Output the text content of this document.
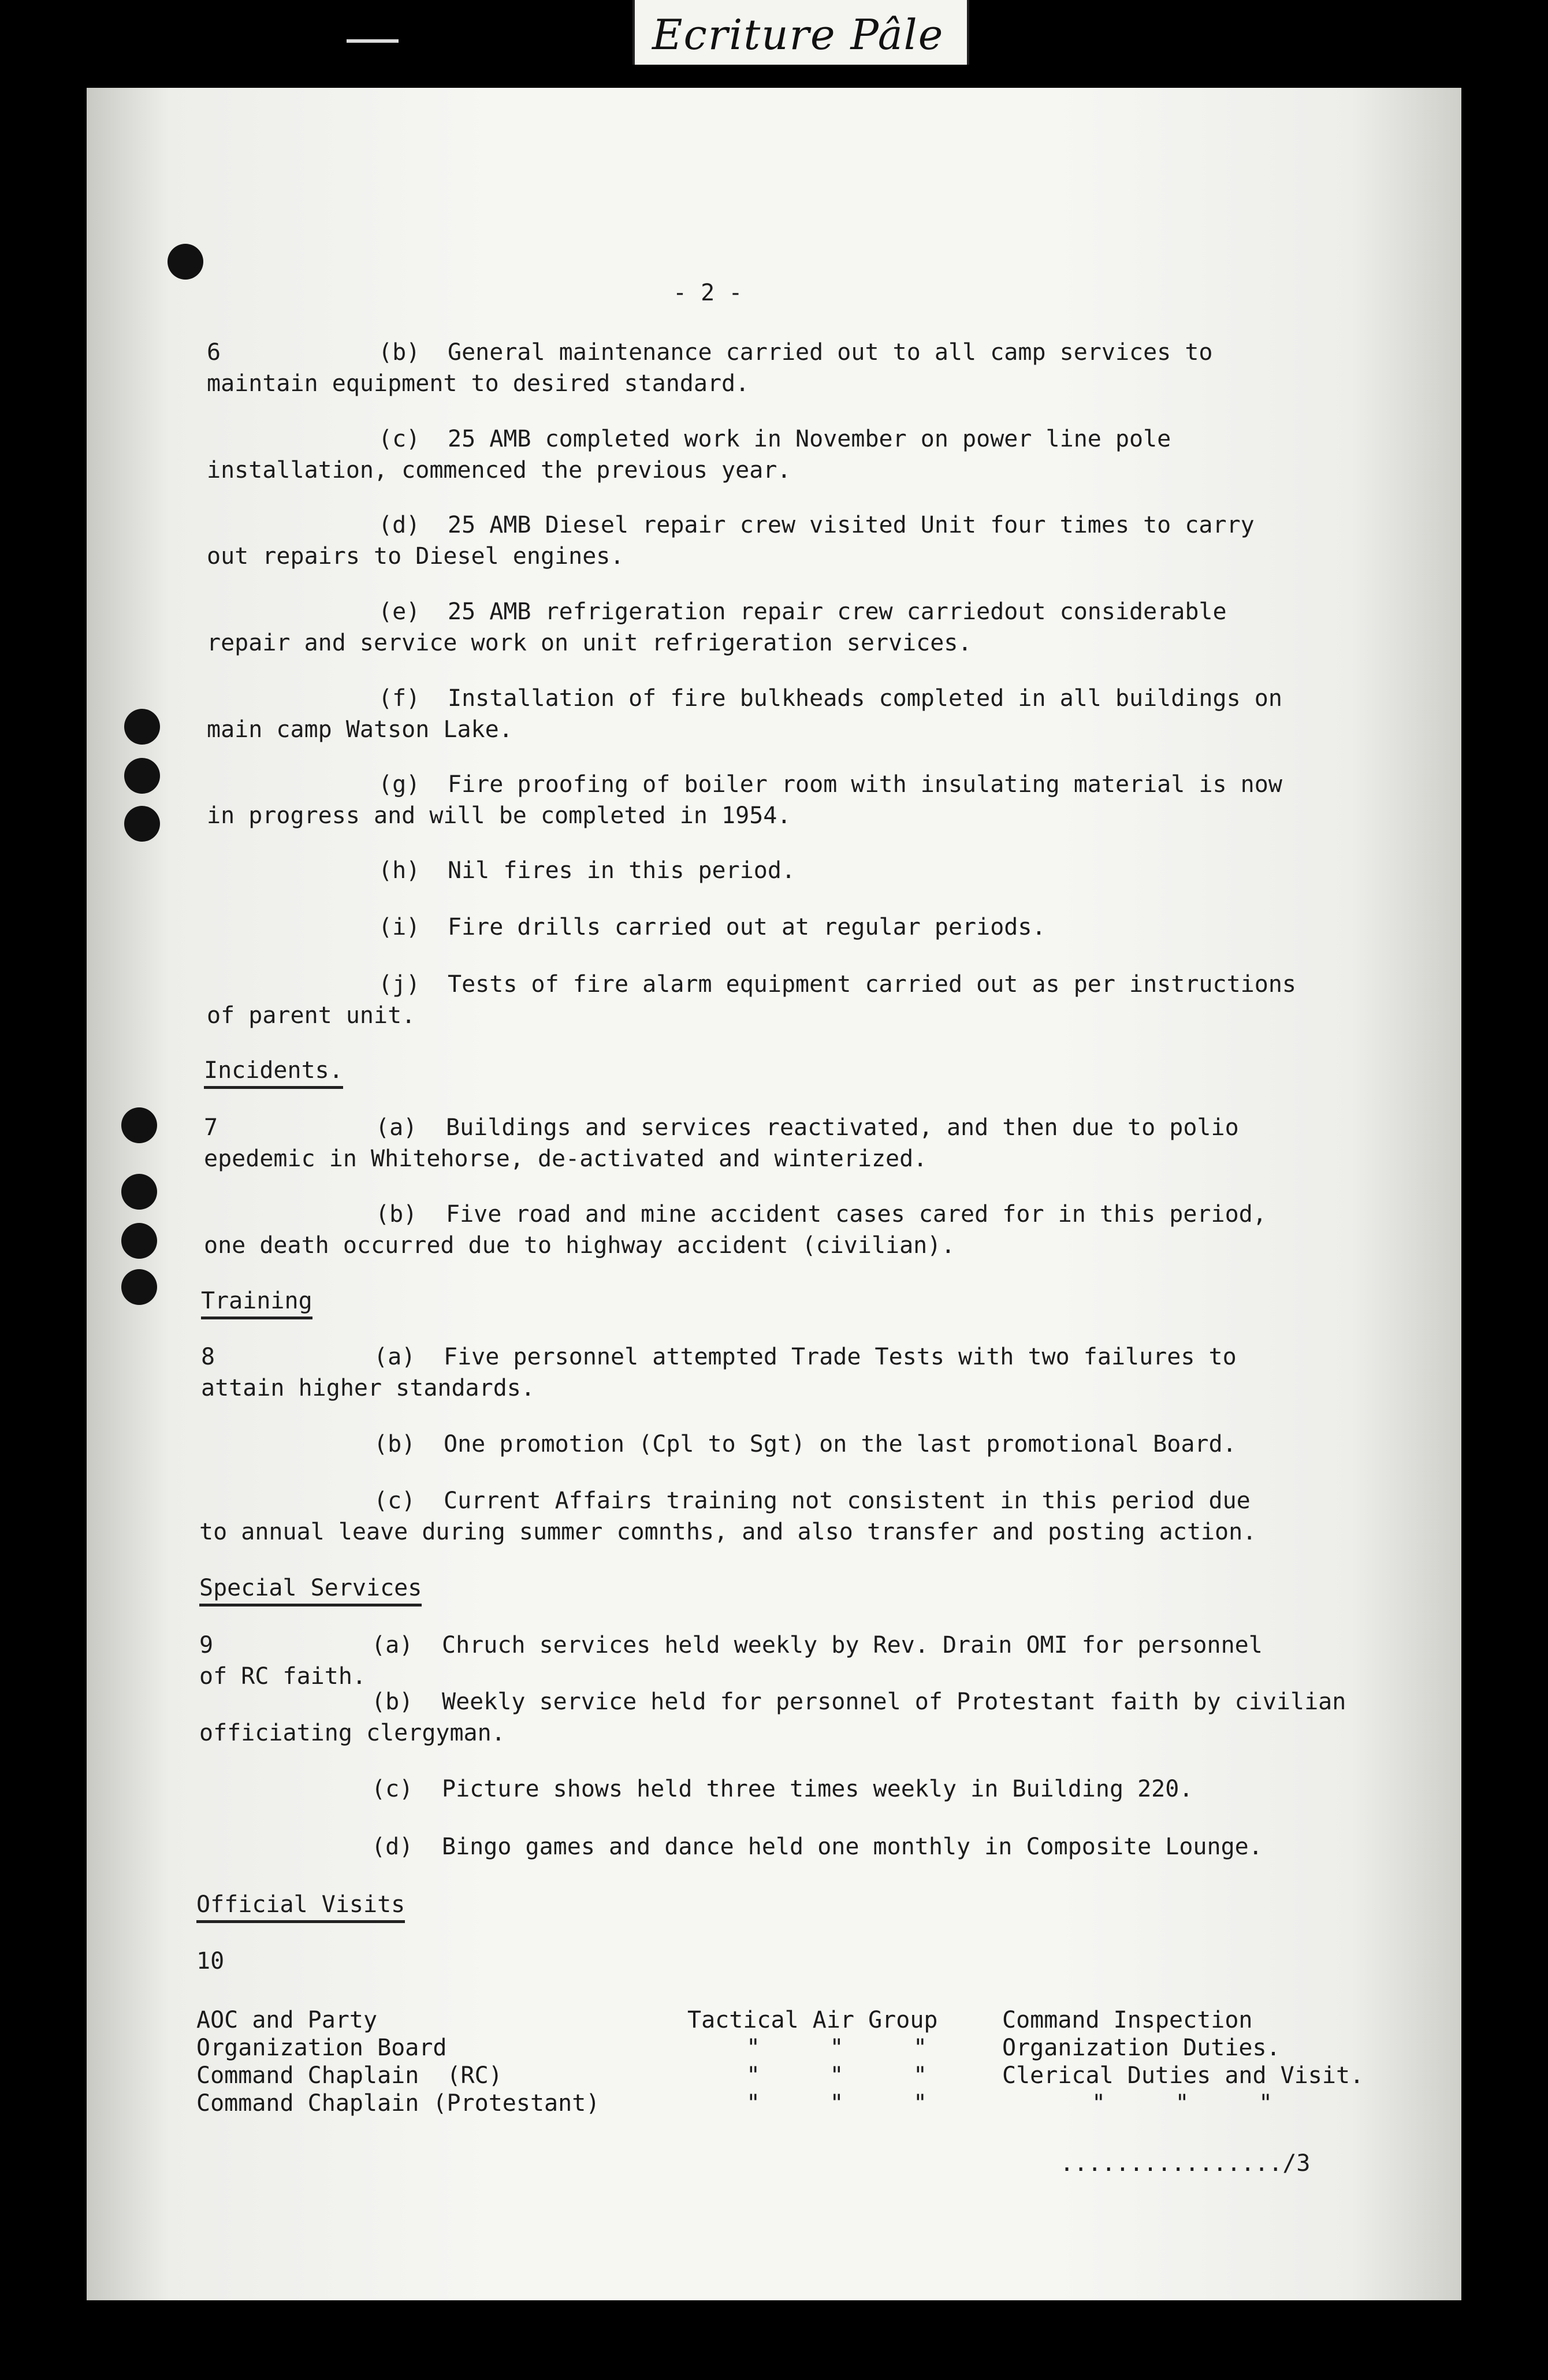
Ecriture Pâle
- 2 -
6	(b) General maintenance carried out to all camp services to
maintain equipment to desired standard.
(c) 25 AMB completed work in November on power line pole
installation, commenced the previous year.
(d) 25 AMB Diesel repair crew visited Unit four times to carry
out repairs to Diesel engines.
(e) 25 AMB refrigeration repair crew carriedout considerable
repair and service work on unit refrigeration services.
(f) Installation of fire bulkheads completed in all buildings on
main camp Watson Lake.
(g) Fire proofing of boiler room with insulating material is now
in progress and will be completed in 1954.
(h) Nil fires in this period.
(i) Fire drills carried out at regular periods.
(j) Tests of fire alarm equipment carried out as per instructions
of parent unit.
Incidents.
7	(a) Buildings and services reactivated, and then due to polio
epedemic in Whitehorse, de-activated and winterized.
(b) Five road and mine accident cases cared for in this period,
one death occurred due to highway accident (civilian).
Training
8	(a) Five personnel attempted Trade Tests with two failures to
attain higher standards.
(b) One promotion (Cpl to Sgt) on the last promotional Board.
(c) Current Affairs training not consistent in this period due
to annual leave during summer comnths, and also transfer and posting action.
Special Services
9	(a) Chruch services held weekly by Rev. Drain OMI for personnel
of RC faith.
(b) Weekly service held for personnel of Protestant faith by civilian
officiating clergyman.
(c) Picture shows held three times weekly in Building 220.
(d) Bingo games and dance held one monthly in Composite Lounge.
Official Visits
10
AOC and Party	Tactical Air Group	Command Inspection
Organization Board	"     "     "	Organization Duties.
Command Chaplain  (RC)	"     "     "	Clerical Duties and Visit.
Command Chaplain (Protestant)	"     "     "	"     "     "
................/3
